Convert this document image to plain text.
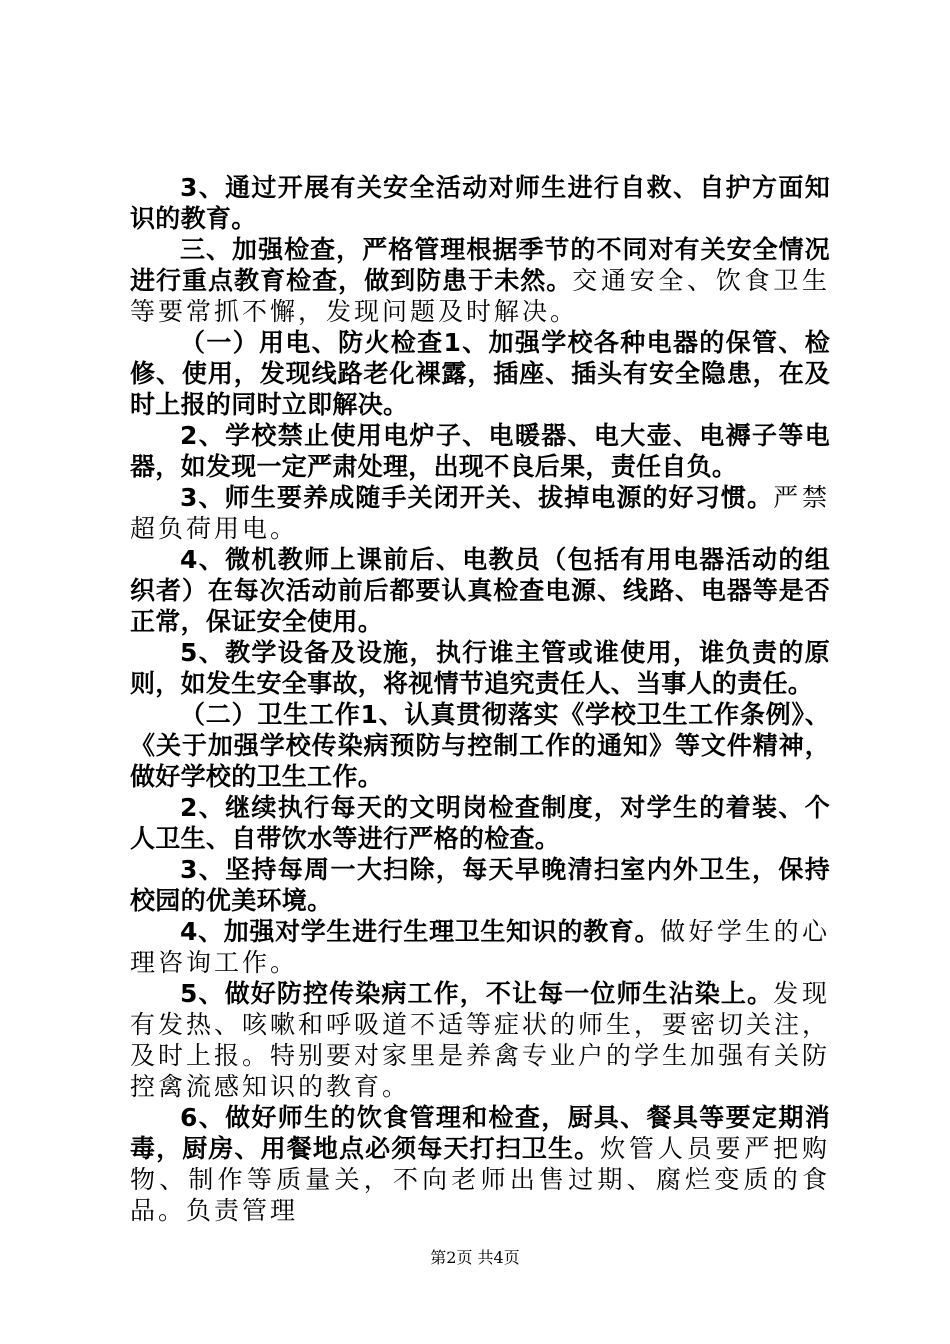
3、通过开展有关安全活动对师生进行自救、自护方面知识的教育。

三、加强检查，严格管理根据季节的不同对有关安全情况进行重点教育检查，做到防患于未然。交通安全、饮食卫生等要常抓不懈，发现问题及时解决。

（一）用电、防火检查1、加强学校各种电器的保管、检修、使用，发现线路老化裸露，插座、插头有安全隐患，在及时上报的同时立即解决。

2、学校禁止使用电炉子、电暖器、电大壶、电褥子等电器，如发现一定严肃处理，出现不良后果，责任自负。

3、师生要养成随手关闭开关、拔掉电源的好习惯。严禁超负荷用电。

4、微机教师上课前后、电教员（包括有用电器活动的组织者）在每次活动前后都要认真检查电源、线路、电器等是否正常，保证安全使用。

5、教学设备及设施，执行谁主管或谁使用，谁负责的原则，如发生安全事故，将视情节追究责任人、当事人的责任。

（二）卫生工作1、认真贯彻落实《学校卫生工作条例》、《关于加强学校传染病预防与控制工作的通知》等文件精神，做好学校的卫生工作。

2、继续执行每天的文明岗检查制度，对学生的着装、个人卫生、自带饮水等进行严格的检查。

3、坚持每周一大扫除，每天早晚清扫室内外卫生，保持校园的优美环境。

4、加强对学生进行生理卫生知识的教育。做好学生的心理咨询工作。

5、做好防控传染病工作，不让每一位师生沾染上。发现有发热、咳嗽和呼吸道不适等症状的师生，要密切关注，及时上报。特别要对家里是养禽专业户的学生加强有关防控禽流感知识的教育。

6、做好师生的饮食管理和检查，厨具、餐具等要定期消毒，厨房、用餐地点必须每天打扫卫生。炊管人员要严把购物、制作等质量关，不向老师出售过期、腐烂变质的食品。负责管理

第2页 共4页
